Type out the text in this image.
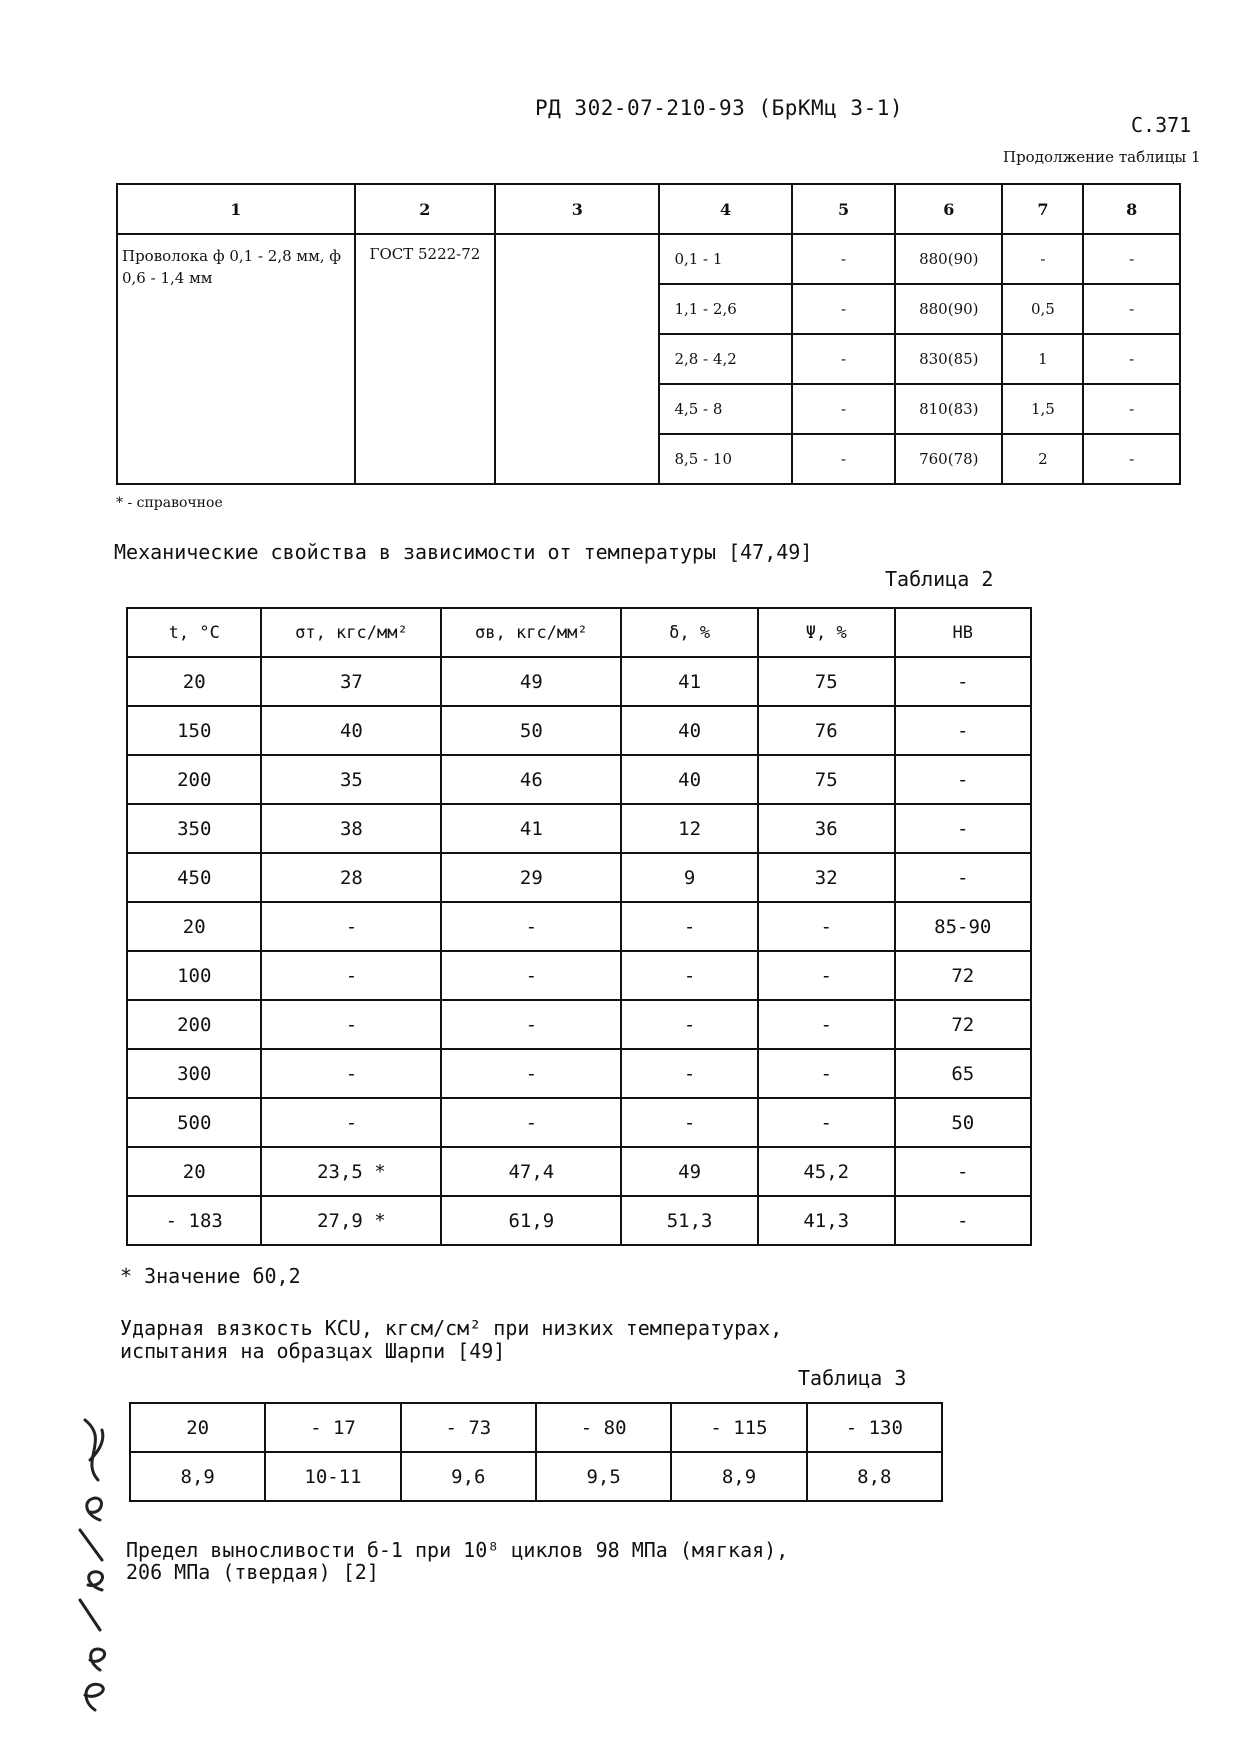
РД 302-07-210-93 (БрКМц 3-1)
С.371
Продолжение таблицы 1
1	2	3	4	5	6	7	8
Проволока ф 0,1 - 2,8 мм, ф 0,6 - 1,4 мм	ГОСТ 5222-72		0,1 - 1	-	880(90)	-	-
			1,1 - 2,6	-	880(90)	0,5	-
			2,8 - 4,2	-	830(85)	1	-
			4,5 - 8	-	810(83)	1,5	-
			8,5 - 10	-	760(78)	2	-
* - справочное
Механические свойства в зависимости от температуры [47,49]
Таблица 2
t, °C	σт, кгс/мм²	σв, кгс/мм²	δ, %	Ψ, %	НВ
20	37	49	41	75	-
150	40	50	40	76	-
200	35	46	40	75	-
350	38	41	12	36	-
450	28	29	9	32	-
20	-	-	-	-	85-90
100	-	-	-	-	72
200	-	-	-	-	72
300	-	-	-	-	65
500	-	-	-	-	50
20	23,5 *	47,4	49	45,2	-
- 183	27,9 *	61,9	51,3	41,3	-
* Значение б0,2
Ударная вязкость KCU, кгсм/см² при низких температурах,
испытания на образцах Шарпи [49]
Таблица 3
20	- 17	- 73	- 80	- 115	- 130
8,9	10-11	9,6	9,5	8,9	8,8
Предел выносливости б-1 при 10⁸ циклов 98 МПа (мягкая),
206 МПа (твердая) [2]
